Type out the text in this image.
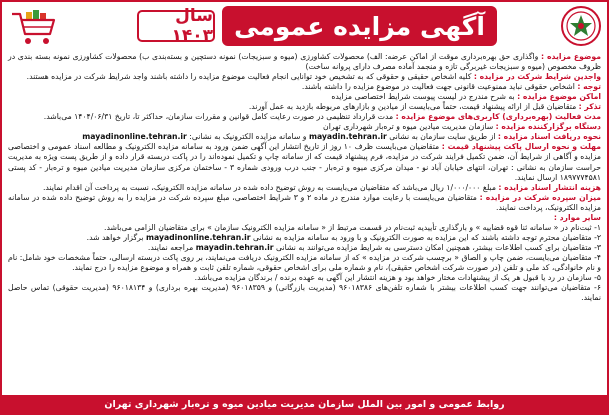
سال ۱۴۰۳ آگهی مزایده عمومی

موضوع مزایده : واگذاری حق بهره‌برداری موقت از اماکن عرضه: الف) محصولات کشاورزی (میوه و سبزیجات) نمونه دستچین و بسته‌بندی ب) محصولات کشاورزی نمونه بسته بندی در ظروف مخصوص (میوه و سبزیجات غیربرگی تازه و منجمد آماده مصرف دارای پروانه ساخت)

واجدین شرایط شرکت در مزایده : کلیه اشخاص حقیقی و حقوقی که به تشخیص خود توانایی انجام فعالیت موضوع مزایده را داشته باشند واجد شرایط شرکت در مزایده هستند.

توجه : اشخاص حقوقی نباید ممنوعیت قانونی جهت فعالیت در موضوع مزایده را داشته باشند.

اماکن موضوع مزایده : به شرح مندرج در لیست پیوست شرایط اختصاصی مزایده

تذکر : متقاضیان قبل از ارائه پیشنهاد قیمت، حتماً می‌بایست از میادین و بازارهای مربوطه بازدید به عمل آورند.

مدت فعالیت (بهره‌برداری) کاربری‌های موضوع مزایده : مدت قرارداد تنظیمی در صورت رعایت کامل قوانین و مقررات سازمان، حداکثر تا، تاریخ ۱۴۰۴/۰۶/۳۱ می‌باشد.

دستگاه برگزارکننده مزایده : سازمان مدیریت میادین میوه و تره‌بار شهرداری تهران

نحوه دریافت اسناد مزایده : از طریق سایت سازمان به نشانی mayadin.tehran.ir و سامانه مزایده الکترونیک به نشانی: mayadinonline.tehran.ir

مهلت و نحوه ارسال پاکت پیشنهاد قیمت : متقاضیان می‌بایست ظرف ۱۰ روز از تاریخ انتشار این آگهی ضمن ورود به سامانه مزایده الکترونیک و مطالعه اسناد عمومی و اختصاصی مزایده و آگاهی از شرایط آن، ضمن تکمیل فرایند شرکت در مزایده، فرم پیشنهاد قیمت که از سامانه چاپ و تکمیل نموده‌اند را در پاکت دربسته قرار داده و از طریق پست ویژه به مدیریت حراست سازمان به نشانی : تهران، انتهای خیابان آباد نو - میدان مرکزی میوه و تره‌بار - جنب درب ورودی شماره ۳ - ساختمان مرکزی سازمان مدیریت میادین میوه و تره‌بار - کد پستی ۱۸۹۷۷۷۴۵۸۱ ارسال نمایند.

هزینه انتشار اسناد مزایده : مبلغ ۱/۰۰۰/۰۰۰ ریال می‌باشد که متقاضیان می‌بایست به روش توضیح داده شده در سامانه مزایده الکترونیک، نسبت به پرداخت آن اقدام نمایند.

میزان سپرده شرکت در مزایده : متقاضیان می‌بایست با رعایت موارد مندرج در ماده ۲ و ۳ شرایط اختصاصی، مبلغ سپرده شرکت در مزایده را به روش توضیح داده شده در سامانه مزایده الکترونیک، پرداخت نمایند.

سایر موارد :

۱- ثبت‌نام در « سامانه ثنا قوه قضاییه » و بارگذاری تأییدیه ثبت‌نام در قسمت مرتبط از « سامانه مزایده الکترونیک سازمان » برای متقاضیان الزامی می‌باشد.

۲- متقاضیان محترم توجه داشته باشند که این مزایده به صورت الکترونیک و با ورود به سامانه مزایده به نشانی mayadinonline.tehran.ir برگزار خواهد شد.

۳- متقاضیان برای کسب اطلاعات بیشتر، همچنین امکان دسترسی به شرایط مزایده می‌توانند به نشانی mayadin.tehran.ir مراجعه نمایند.

۴- متقاضیان می‌بایست، ضمن چاپ و الصاق « برچسب شرکت در مزایده » که از سامانه مزایده الکترونیک دریافت می‌نمایند، بر روی پاکت دربسته ارسالی، حتماً مشخصات خود شامل: نام و نام خانوادگی، کد ملی و تلفن (در صورت شرکت اشخاص حقیقی)، نام و شماره ملی برای اشخاص حقوقی، شماره تلفن ثابت و همراه و موضوع مزایده را درج نمایند.

۵- سازمان در رد یا قبول هر یک از پیشنهادات مختار خواهد بود و هزینه انتشار این آگهی به عهده برنده / برندگان مزایده می‌باشد.

۶- متقاضیان می‌توانند جهت کسب اطلاعات بیشتر با شماره تلفن‌های ۹۶۰۱۸۳۸۶ (مدیریت بازرگانی) و ۹۶۰۱۸۳۵۹ (مدیریت بهره برداری) و ۹۶۰۱۸۱۳۴ (مدیریت حقوقی) تماس حاصل نمایند.

روابط عمومی و امور بین الملل سازمان مدیریت میادین میوه و تره‌بار شهرداری تهران
